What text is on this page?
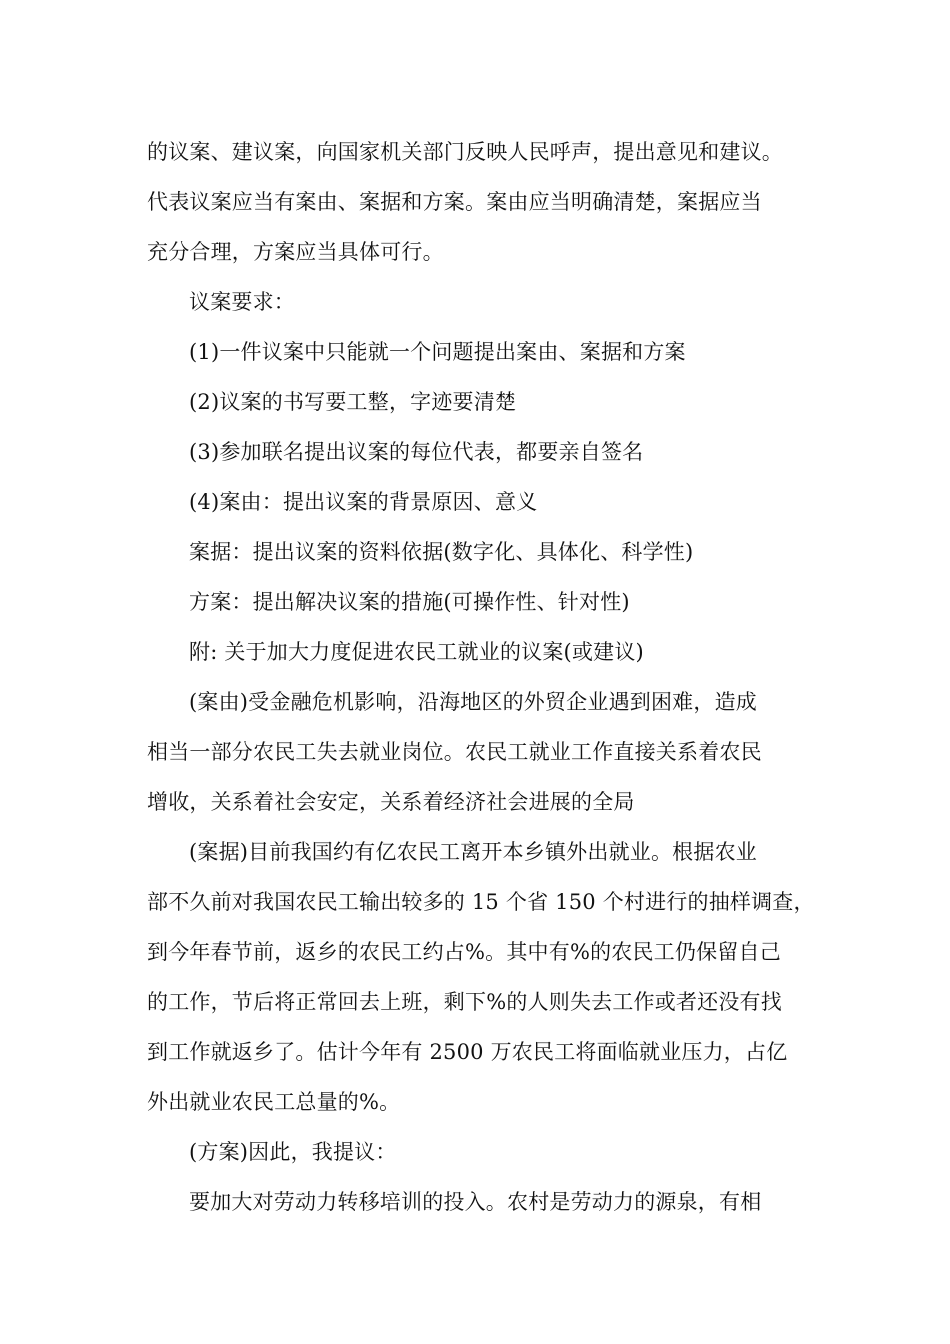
的议案、建议案，向国家机关部门反映人民呼声，提出意见和建议。
代表议案应当有案由、案据和方案。案由应当明确清楚，案据应当
充分合理，方案应当具体可行。
议案要求：
(1)一件议案中只能就一个问题提出案由、案据和方案
(2)议案的书写要工整，字迹要清楚
(3)参加联名提出议案的每位代表，都要亲自签名
(4)案由：提出议案的背景原因、意义
案据：提出议案的资料依据(数字化、具体化、科学性)
方案：提出解决议案的措施(可操作性、针对性)
附: 关于加大力度促进农民工就业的议案(或建议)
(案由)受金融危机影响，沿海地区的外贸企业遇到困难，造成
相当一部分农民工失去就业岗位。农民工就业工作直接关系着农民
增收，关系着社会安定，关系着经济社会进展的全局
(案据)目前我国约有亿农民工离开本乡镇外出就业。根据农业
部不久前对我国农民工输出较多的 15 个省 150 个村进行的抽样调查，
到今年春节前，返乡的农民工约占%。其中有%的农民工仍保留自己
的工作，节后将正常回去上班，剩下%的人则失去工作或者还没有找
到工作就返乡了。估计今年有 2500 万农民工将面临就业压力，占亿
外出就业农民工总量的%。
(方案)因此，我提议：
要加大对劳动力转移培训的投入。农村是劳动力的源泉，有相
